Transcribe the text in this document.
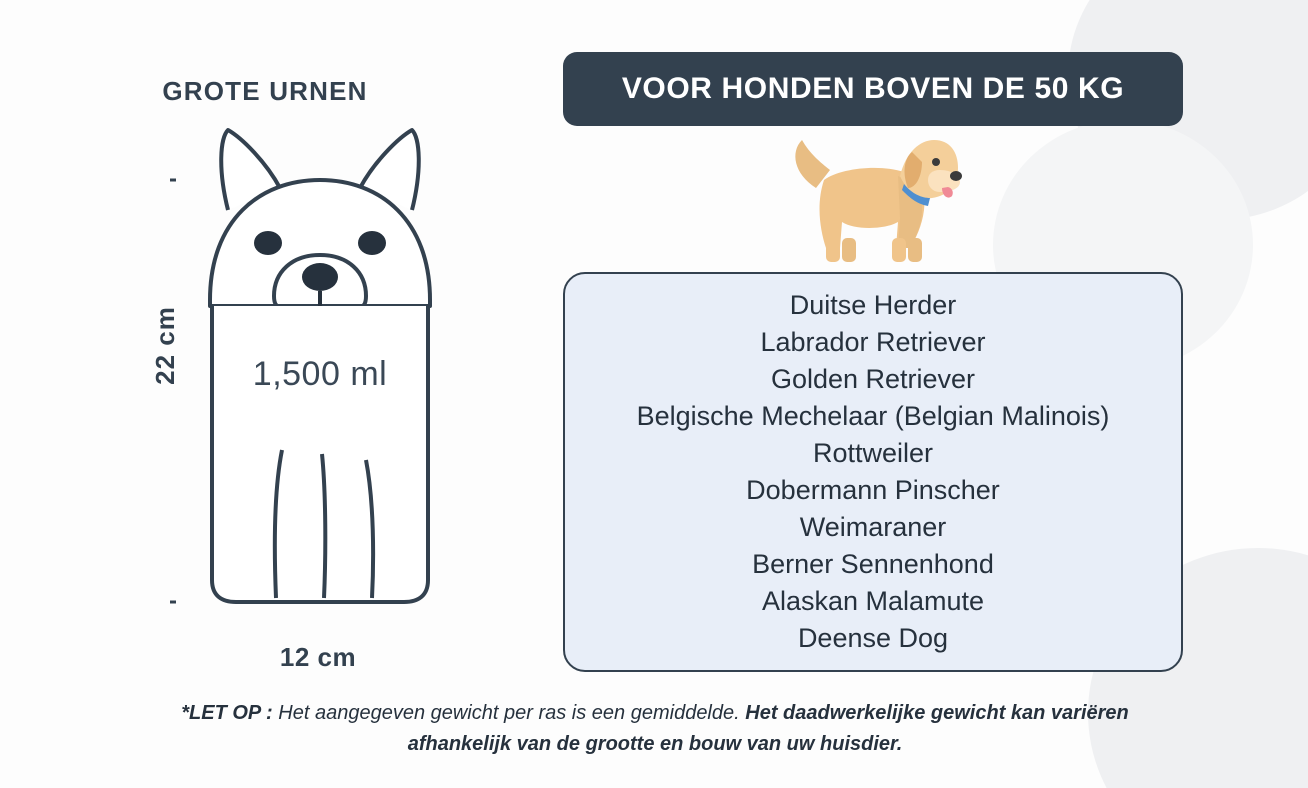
GROTE URNEN
1,500 ml
22 cm
12 cm
VOOR HONDEN BOVEN DE 50 KG
Duitse Herder
Labrador Retriever
Golden Retriever
Belgische Mechelaar (Belgian Malinois)
Rottweiler
Dobermann Pinscher
Weimaraner
Berner Sennenhond
Alaskan Malamute
Deense Dog
*LET OP : Het aangegeven gewicht per ras is een gemiddelde. Het daadwerkelijke gewicht kan variëren afhankelijk van de grootte en bouw van uw huisdier.
